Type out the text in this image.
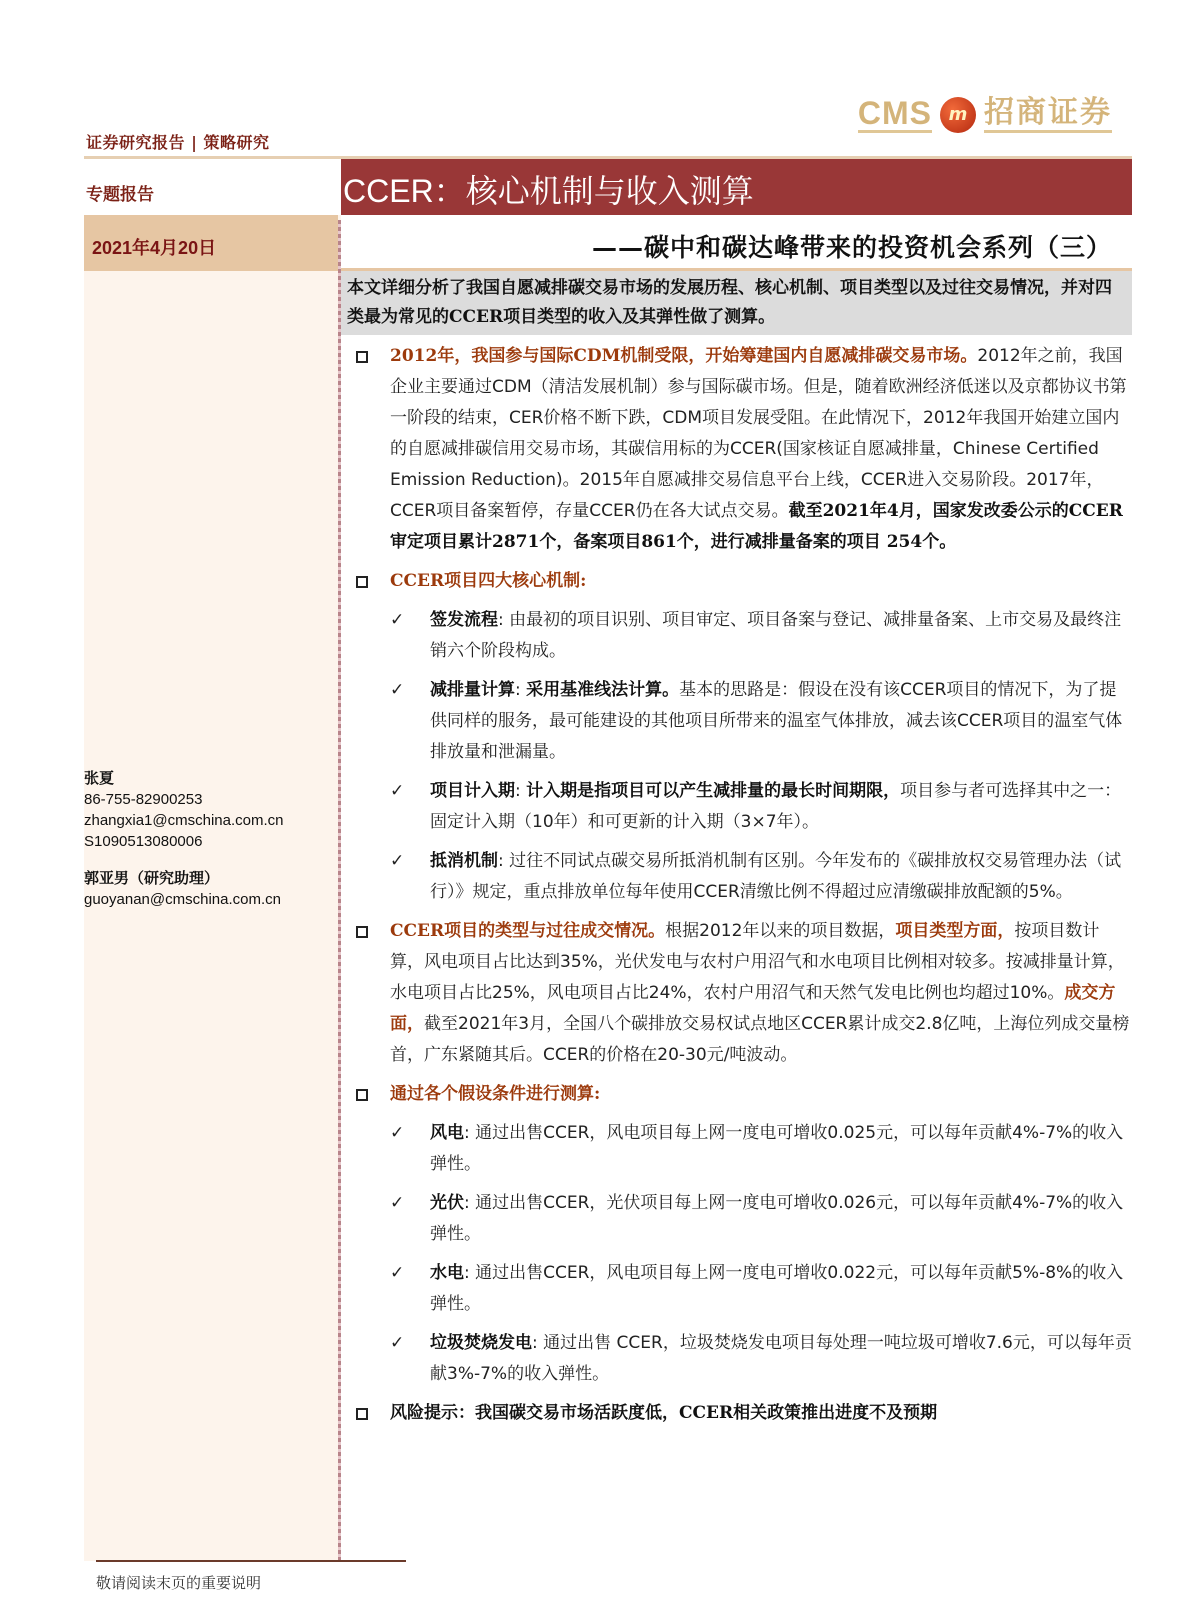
证券研究报告 | 策略研究
CMS m 招商证券
专题报告
2021年4月20日
CCER：核心机制与收入测算
——碳中和碳达峰带来的投资机会系列（三）
本文详细分析了我国自愿减排碳交易市场的发展历程、核心机制、项目类型以及过往交易情况，并对四类最为常见的CCER项目类型的收入及其弹性做了测算。
张夏
86-755-82900253
zhangxia1@cmschina.com.cn
S1090513080006
郭亚男（研究助理）
guoyanan@cmschina.com.cn
2012年，我国参与国际CDM机制受限，开始筹建国内自愿减排碳交易市场。2012年之前，我国企业主要通过CDM（清洁发展机制）参与国际碳市场。但是，随着欧洲经济低迷以及京都协议书第一阶段的结束，CER价格不断下跌，CDM项目发展受阻。在此情况下，2012年我国开始建立国内的自愿减排碳信用交易市场，其碳信用标的为CCER(国家核证自愿减排量，Chinese Certified Emission Reduction)。2015年自愿减排交易信息平台上线，CCER进入交易阶段。2017年，CCER项目备案暂停，存量CCER仍在各大试点交易。截至2021年4月，国家发改委公示的CCER审定项目累计2871个，备案项目861个，进行减排量备案的项目 254个。
CCER项目四大核心机制:
✓ 签发流程: 由最初的项目识别、项目审定、项目备案与登记、减排量备案、上市交易及最终注销六个阶段构成。
✓ 减排量计算: 采用基准线法计算。基本的思路是：假设在没有该CCER项目的情况下，为了提供同样的服务，最可能建设的其他项目所带来的温室气体排放，减去该CCER项目的温室气体排放量和泄漏量。
✓ 项目计入期: 计入期是指项目可以产生减排量的最长时间期限，项目参与者可选择其中之一：固定计入期（10年）和可更新的计入期（3×7年）。
✓ 抵消机制: 过往不同试点碳交易所抵消机制有区别。今年发布的《碳排放权交易管理办法（试行）》规定，重点排放单位每年使用CCER清缴比例不得超过应清缴碳排放配额的5%。
CCER项目的类型与过往成交情况。根据2012年以来的项目数据，项目类型方面，按项目数计算，风电项目占比达到35%，光伏发电与农村户用沼气和水电项目比例相对较多。按减排量计算，水电项目占比25%，风电项目占比24%，农村户用沼气和天然气发电比例也均超过10%。成交方面，截至2021年3月，全国八个碳排放交易权试点地区CCER累计成交2.8亿吨，上海位列成交量榜首，广东紧随其后。CCER的价格在20-30元/吨波动。
通过各个假设条件进行测算:
✓ 风电: 通过出售CCER，风电项目每上网一度电可增收0.025元，可以每年贡献4%-7%的收入弹性。
✓ 光伏: 通过出售CCER，光伏项目每上网一度电可增收0.026元，可以每年贡献4%-7%的收入弹性。
✓ 水电: 通过出售CCER，风电项目每上网一度电可增收0.022元，可以每年贡献5%-8%的收入弹性。
✓ 垃圾焚烧发电: 通过出售 CCER，垃圾焚烧发电项目每处理一吨垃圾可增收7.6元，可以每年贡献3%-7%的收入弹性。
风险提示：我国碳交易市场活跃度低，CCER相关政策推出进度不及预期
敬请阅读末页的重要说明
